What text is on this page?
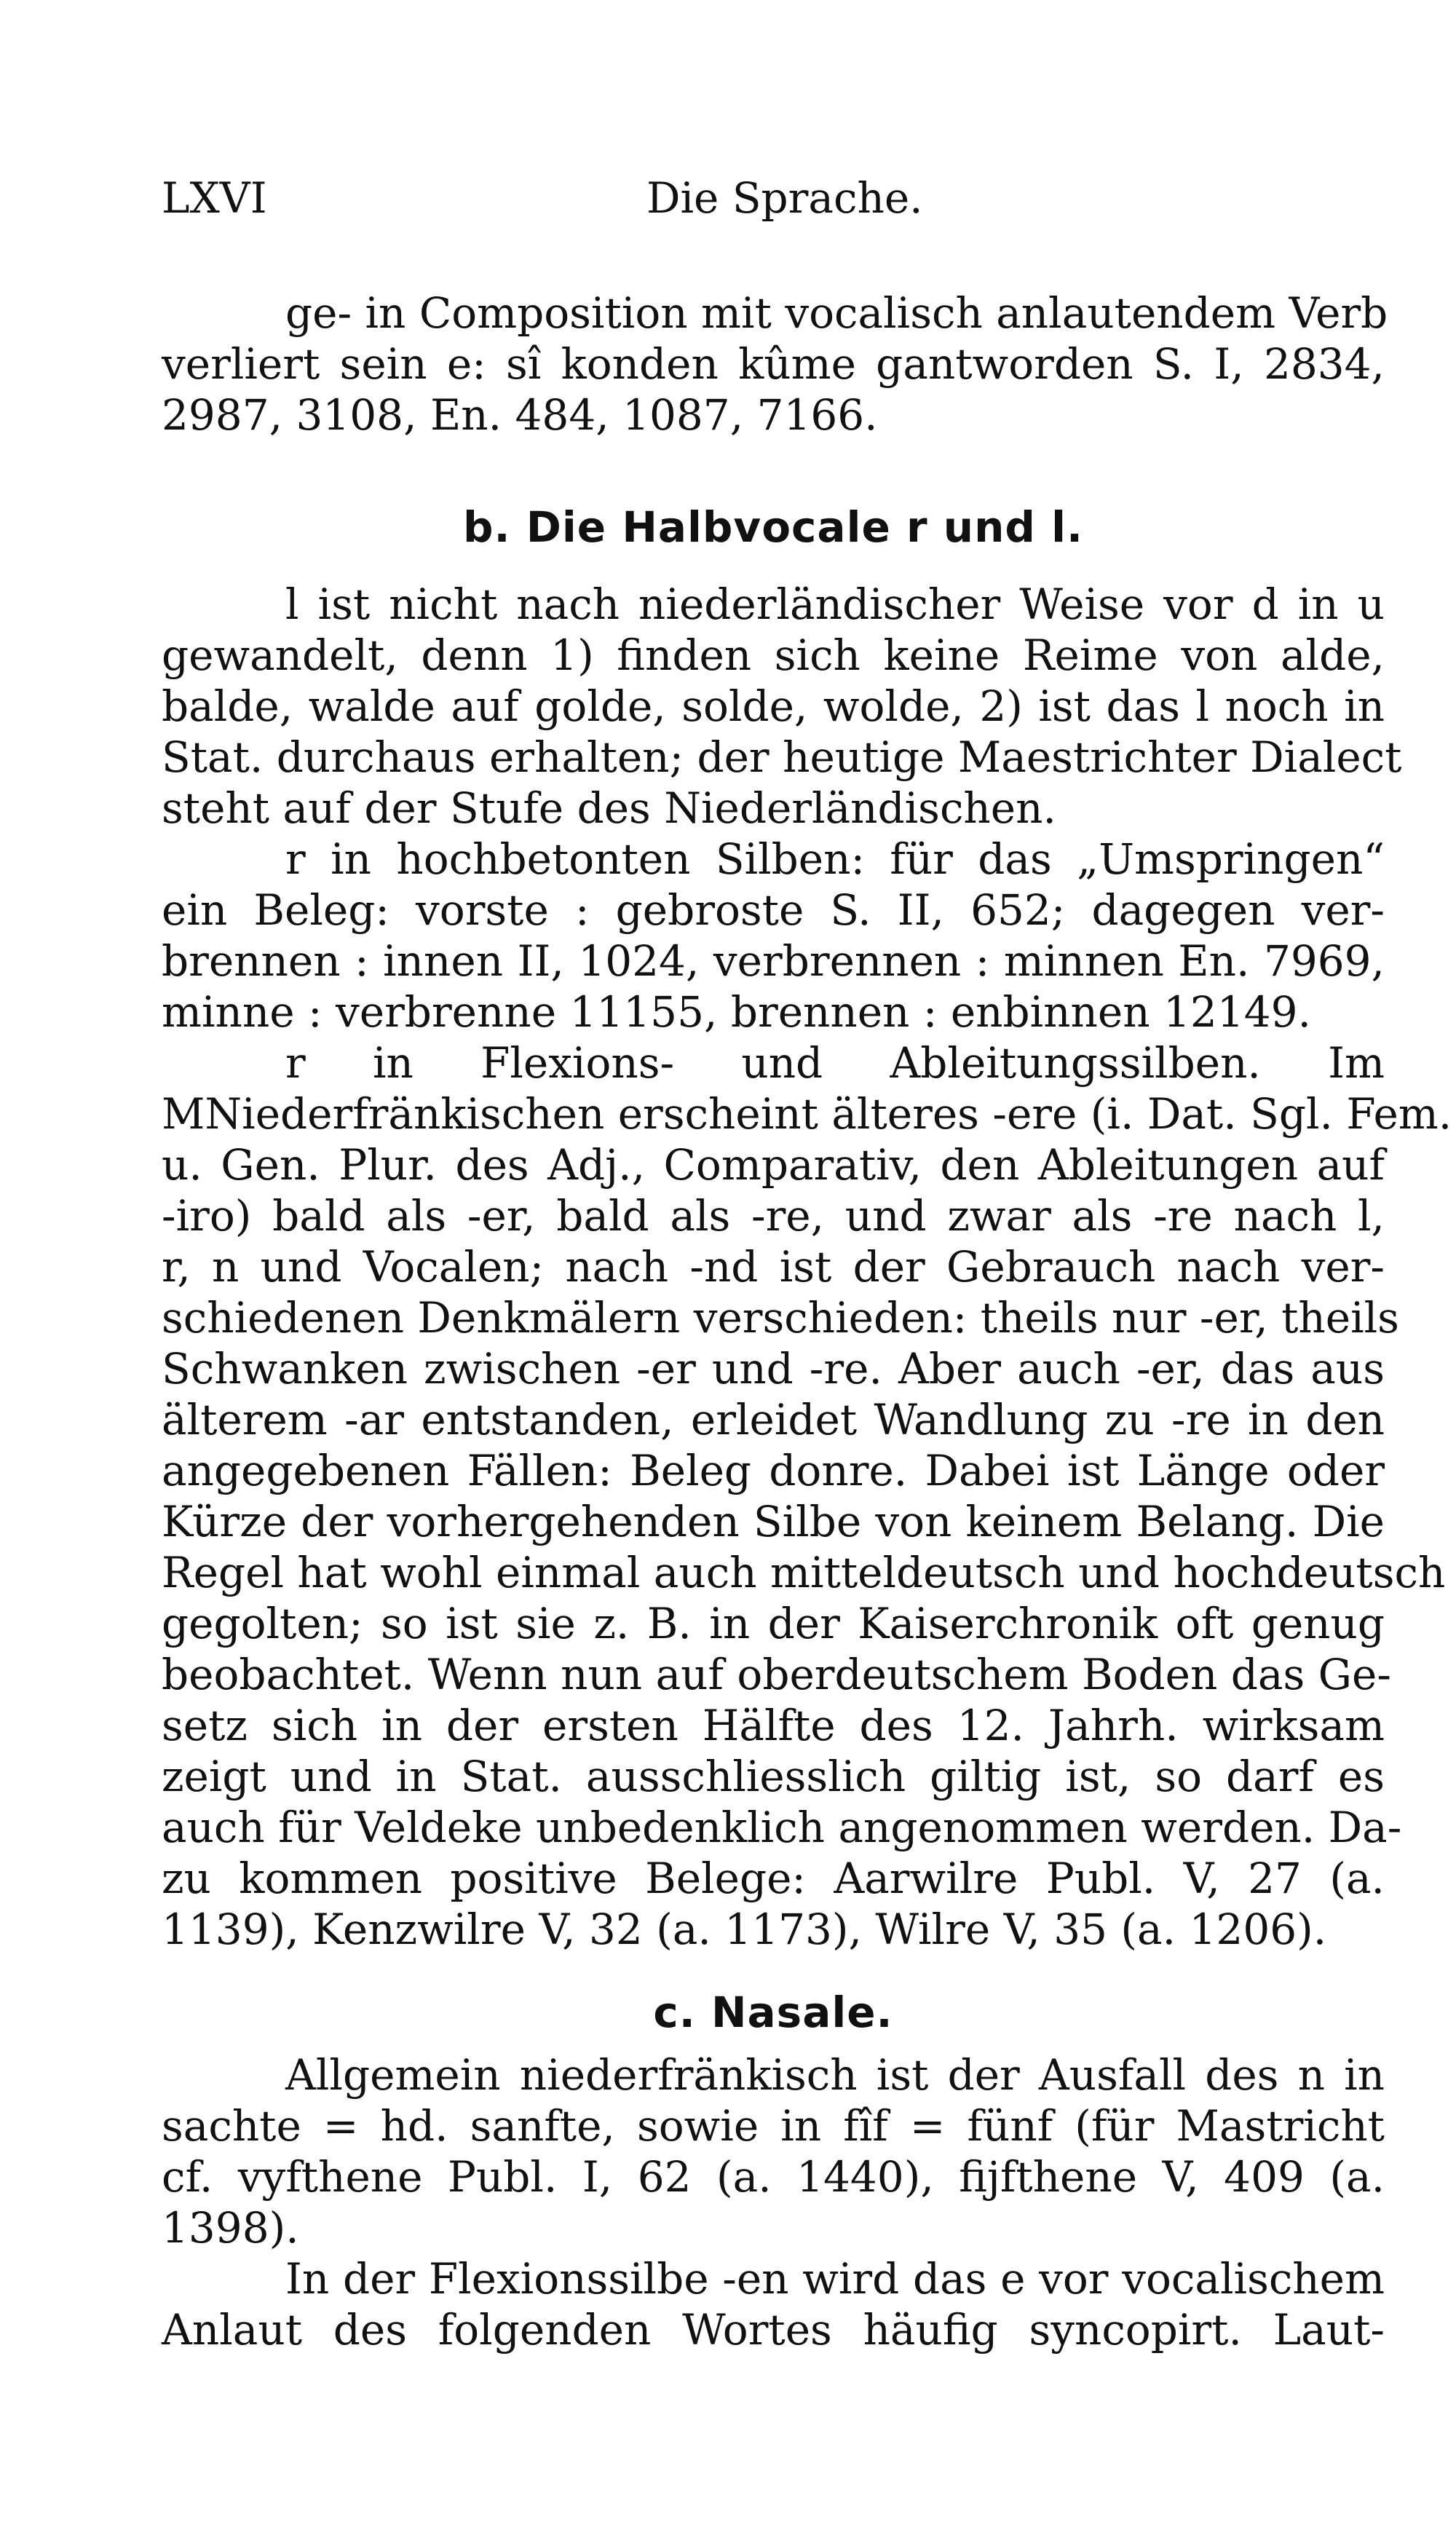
LXVI	Die Sprache.
ge- in Composition mit vocalisch anlautendem Verb
verliert sein e: sî konden kûme gantworden S. I, 2834,
2987, 3108, En. 484, 1087, 7166.
b. Die Halbvocale r und l.
l ist nicht nach niederländischer Weise vor d in u
gewandelt, denn 1) finden sich keine Reime von alde,
balde, walde auf golde, solde, wolde, 2) ist das l noch in
Stat. durchaus erhalten; der heutige Maestrichter Dialect
steht auf der Stufe des Niederländischen.
r in hochbetonten Silben: für das „Umspringen“
ein Beleg: vorste : gebroste S. II, 652; dagegen ver-
brennen : innen II, 1024, verbrennen : minnen En. 7969,
minne : verbrenne 11155, brennen : enbinnen 12149.
r in Flexions- und Ableitungssilben. Im
MNiederfränkischen erscheint älteres -ere (i. Dat. Sgl. Fem.
u. Gen. Plur. des Adj., Comparativ, den Ableitungen auf
-iro) bald als -er, bald als -re, und zwar als -re nach l,
r, n und Vocalen; nach -nd ist der Gebrauch nach ver-
schiedenen Denkmälern verschieden: theils nur -er, theils
Schwanken zwischen -er und -re. Aber auch -er, das aus
älterem -ar entstanden, erleidet Wandlung zu -re in den
angegebenen Fällen: Beleg donre. Dabei ist Länge oder
Kürze der vorhergehenden Silbe von keinem Belang. Die
Regel hat wohl einmal auch mitteldeutsch und hochdeutsch
gegolten; so ist sie z. B. in der Kaiserchronik oft genug
beobachtet. Wenn nun auf oberdeutschem Boden das Ge-
setz sich in der ersten Hälfte des 12. Jahrh. wirksam
zeigt und in Stat. ausschliesslich giltig ist, so darf es
auch für Veldeke unbedenklich angenommen werden. Da-
zu kommen positive Belege: Aarwilre Publ. V, 27 (a.
1139), Kenzwilre V, 32 (a. 1173), Wilre V, 35 (a. 1206).
c. Nasale.
Allgemein niederfränkisch ist der Ausfall des n in
sachte = hd. sanfte, sowie in fîf = fünf (für Mastricht
cf. vyfthene Publ. I, 62 (a. 1440), fijfthene V, 409 (a.
1398).
In der Flexionssilbe -en wird das e vor vocalischem
Anlaut des folgenden Wortes häufig syncopirt. Laut-
